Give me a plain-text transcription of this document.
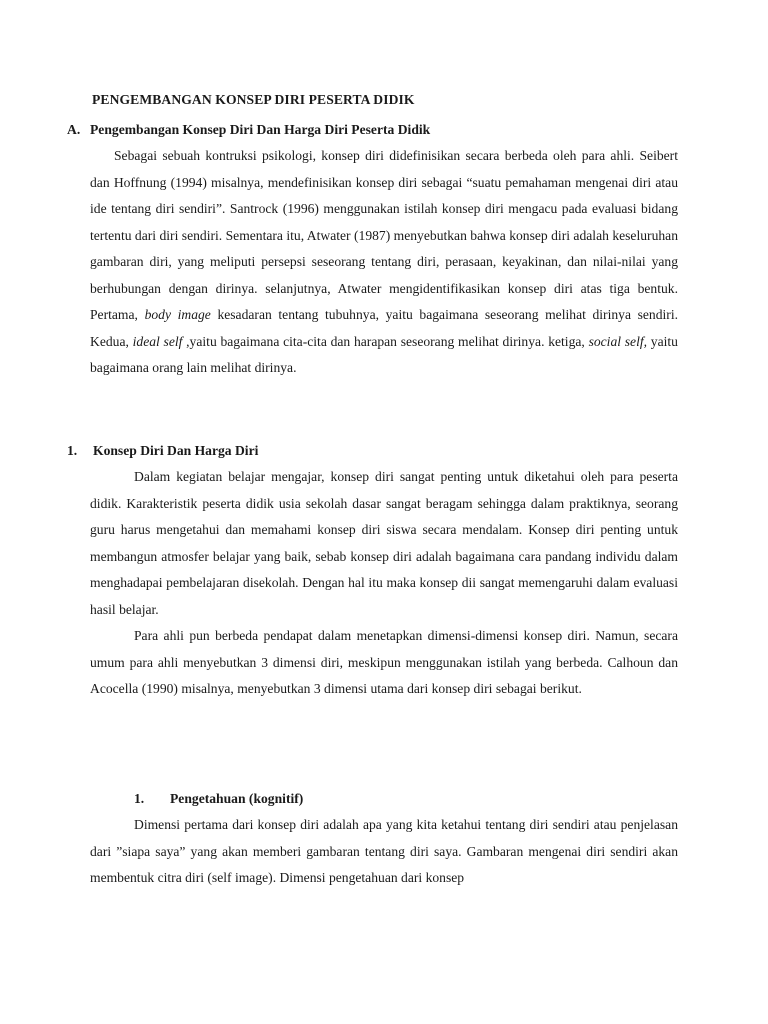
PENGEMBANGAN KONSEP DIRI PESERTA DIDIK
A. Pengembangan Konsep Diri Dan Harga Diri Peserta Didik

Sebagai sebuah kontruksi psikologi, konsep diri didefinisikan secara berbeda oleh para ahli. Seibert dan Hoffnung (1994) misalnya, mendefinisikan konsep diri sebagai “suatu pemahaman mengenai diri atau ide tentang diri sendiri”. Santrock (1996) menggunakan istilah konsep diri mengacu pada evaluasi bidang tertentu dari diri sendiri. Sementara itu, Atwater (1987) menyebutkan bahwa konsep diri adalah keseluruhan gambaran diri, yang meliputi persepsi seseorang tentang diri, perasaan, keyakinan, dan nilai-nilai yang berhubungan dengan dirinya. selanjutnya, Atwater mengidentifikasikan konsep diri atas tiga bentuk. Pertama, body image kesadaran tentang tubuhnya, yaitu bagaimana seseorang melihat dirinya sendiri. Kedua, ideal self ,yaitu bagaimana cita-cita dan harapan seseorang melihat dirinya. ketiga, social self, yaitu bagaimana orang lain melihat dirinya.

1. Konsep Diri Dan Harga Diri

Dalam kegiatan belajar mengajar, konsep diri sangat penting untuk diketahui oleh para peserta didik. Karakteristik peserta didik usia sekolah dasar sangat beragam sehingga dalam praktiknya, seorang guru harus mengetahui dan memahami konsep diri siswa secara mendalam. Konsep diri penting untuk membangun atmosfer belajar yang baik, sebab konsep diri adalah bagaimana cara pandang individu dalam menghadapai pembelajaran disekolah. Dengan hal itu maka konsep dii sangat memengaruhi dalam evaluasi hasil belajar.

Para ahli pun berbeda pendapat dalam menetapkan dimensi-dimensi konsep diri. Namun, secara umum para ahli menyebutkan 3 dimensi diri, meskipun menggunakan istilah yang berbeda. Calhoun dan Acocella (1990) misalnya, menyebutkan 3 dimensi utama dari konsep diri sebagai berikut.

1. Pengetahuan (kognitif)

Dimensi pertama dari konsep diri adalah apa yang kita ketahui tentang diri sendiri atau penjelasan dari ”siapa saya” yang akan memberi gambaran tentang diri saya. Gambaran mengenai diri sendiri akan membentuk citra diri (self image). Dimensi pengetahuan dari konsep
